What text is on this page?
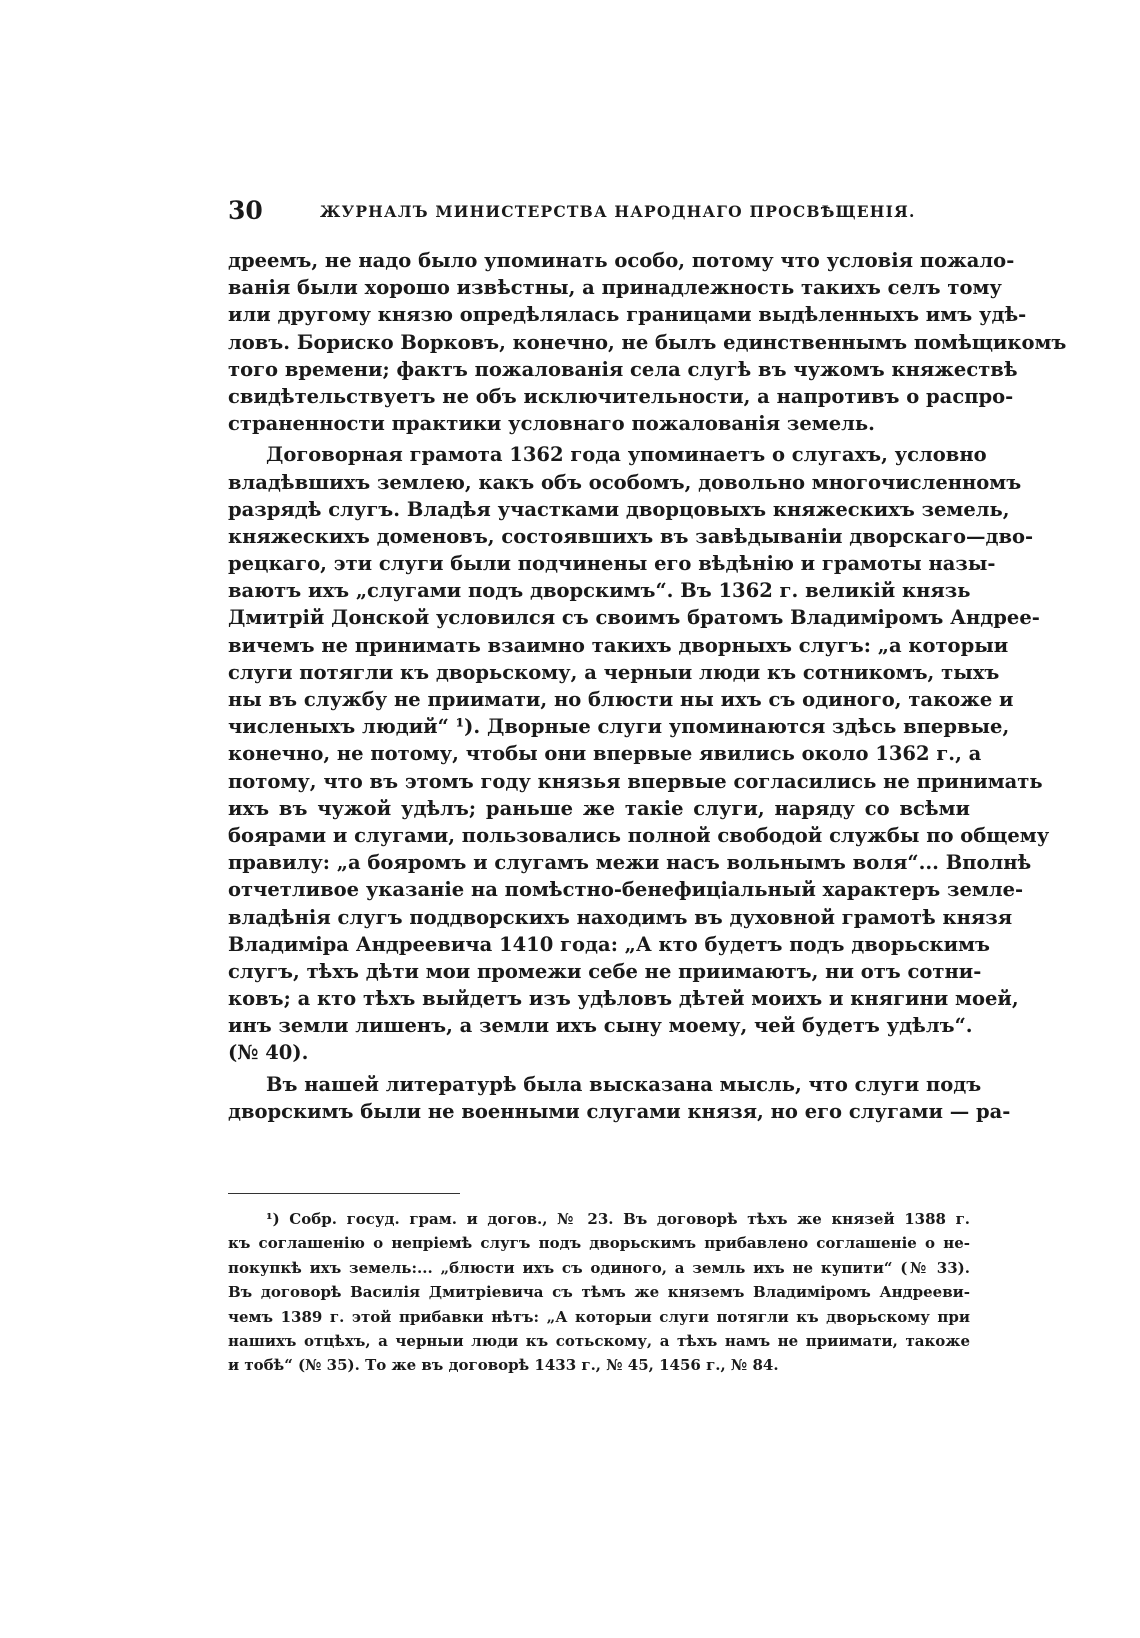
30	ЖУРНАЛЪ МИНИСТЕРСТВА НАРОДНАГО ПРОСВѢЩЕНІЯ.
дреемъ, не надо было упоминать особо, потому что условія пожало-
ванія были хорошо извѣстны, а принадлежность такихъ селъ тому
или другому князю опредѣлялась границами выдѣленныхъ имъ удѣ-
ловъ. Бориско Ворковъ, конечно, не былъ единственнымъ помѣщикомъ
того времени; фактъ пожалованія села слугѣ въ чужомъ княжествѣ
свидѣтельствуетъ не объ исключительности, а напротивъ о распро-
страненности практики условнаго пожалованія земель.
Договорная грамота 1362 года упоминаетъ о слугахъ, условно
владѣвшихъ землею, какъ объ особомъ, довольно многочисленномъ
разрядѣ слугъ. Владѣя участками дворцовыхъ княжескихъ земель,
княжескихъ доменовъ, состоявшихъ въ завѣдываніи дворскаго—дво-
рецкаго, эти слуги были подчинены его вѣдѣнію и грамоты назы-
ваютъ ихъ „слугами подъ дворскимъ“. Въ 1362 г. великій князь
Дмитрій Донской условился съ своимъ братомъ Владиміромъ Андрее-
вичемъ не принимать взаимно такихъ дворныхъ слугъ: „а которыи
слуги потягли къ дворьскому, а черныи люди къ сотникомъ, тыхъ
ны въ службу не приимати, но блюсти ны ихъ съ одиного, такоже и
численыхъ людий“ ¹). Дворные слуги упоминаются здѣсь впервые,
конечно, не потому, чтобы они впервые явились около 1362 г., а
потому, что въ этомъ году князья впервые согласились не принимать
ихъ въ чужой удѣлъ; раньше же такіе слуги, наряду со всѣми
боярами и слугами, пользовались полной свободой службы по общему
правилу: „а бояромъ и слугамъ межи насъ вольнымъ воля“... Вполнѣ
отчетливое указаніе на помѣстно-бенефиціальный характеръ земле-
владѣнія слугъ поддворскихъ находимъ въ духовной грамотѣ князя
Владиміра Андреевича 1410 года: „А кто будетъ подъ дворьскимъ
слугъ, тѣхъ дѣти мои промежи себе не приимаютъ, ни отъ сотни-
ковъ; а кто тѣхъ выйдетъ изъ удѣловъ дѣтей моихъ и княгини моей,
инъ земли лишенъ, а земли ихъ сыну моему, чей будетъ удѣлъ“.
(№ 40).
Въ нашей литературѣ была высказана мысль, что слуги подъ
дворскимъ были не военными слугами князя, но его слугами — ра-
¹) Собр. госуд. грам. и догов., № 23. Въ договорѣ тѣхъ же князей 1388 г.
къ соглашенію о непріемѣ слугъ подъ дворьскимъ прибавлено соглашеніе о не-
покупкѣ ихъ земель:... „блюсти ихъ съ одиного, а земль ихъ не купити“ (№ 33).
Въ договорѣ Василія Дмитріевича съ тѣмъ же княземъ Владиміромъ Андрееви-
чемъ 1389 г. этой прибавки нѣтъ: „А которыи слуги потягли къ дворьскому при
нашихъ отцѣхъ, а черныи люди къ сотьскому, а тѣхъ намъ не приимати, такоже
и тобѣ“ (№ 35). То же въ договорѣ 1433 г., № 45, 1456 г., № 84.
